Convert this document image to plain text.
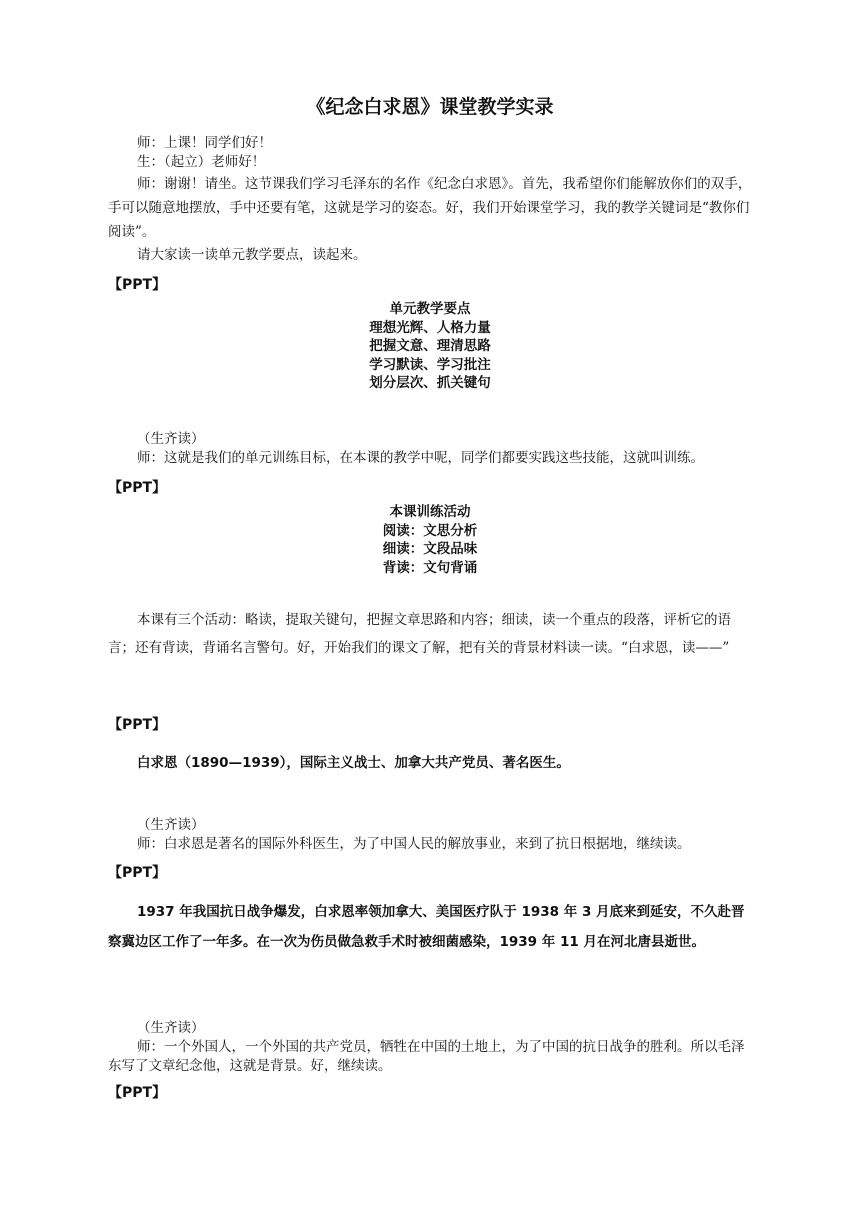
《纪念白求恩》课堂教学实录
师：上课！同学们好！
生：（起立）老师好！
师：谢谢！请坐。这节课我们学习毛泽东的名作《纪念白求恩》。首先，我希望你们能解放你们的双手，手可以随意地摆放，手中还要有笔，这就是学习的姿态。好，我们开始课堂学习，我的教学关键词是“教你们阅读”。
请大家读一读单元教学要点，读起来。
【PPT】
单元教学要点
理想光辉、人格力量
把握文意、理清思路
学习默读、学习批注
划分层次、抓关键句
（生齐读）
师：这就是我们的单元训练目标，在本课的教学中呢，同学们都要实践这些技能，这就叫训练。
【PPT】
本课训练活动
阅读：文思分析
细读：文段品味
背读：文句背诵
本课有三个活动：略读，提取关键句，把握文章思路和内容；细读，读一个重点的段落，评析它的语言；还有背读，背诵名言警句。好，开始我们的课文了解，把有关的背景材料读一读。“白求恩，读——”
【PPT】
白求恩（1890—1939），国际主义战士、加拿大共产党员、著名医生。
（生齐读）
师：白求恩是著名的国际外科医生，为了中国人民的解放事业，来到了抗日根据地，继续读。
【PPT】
1937 年我国抗日战争爆发，白求恩率领加拿大、美国医疗队于 1938 年 3 月底来到延安，不久赴晋察冀边区工作了一年多。在一次为伤员做急救手术时被细菌感染，1939 年 11 月在河北唐县逝世。
（生齐读）
师：一个外国人，一个外国的共产党员，牺牲在中国的土地上，为了中国的抗日战争的胜利。所以毛泽东写了文章纪念他，这就是背景。好，继续读。
【PPT】
